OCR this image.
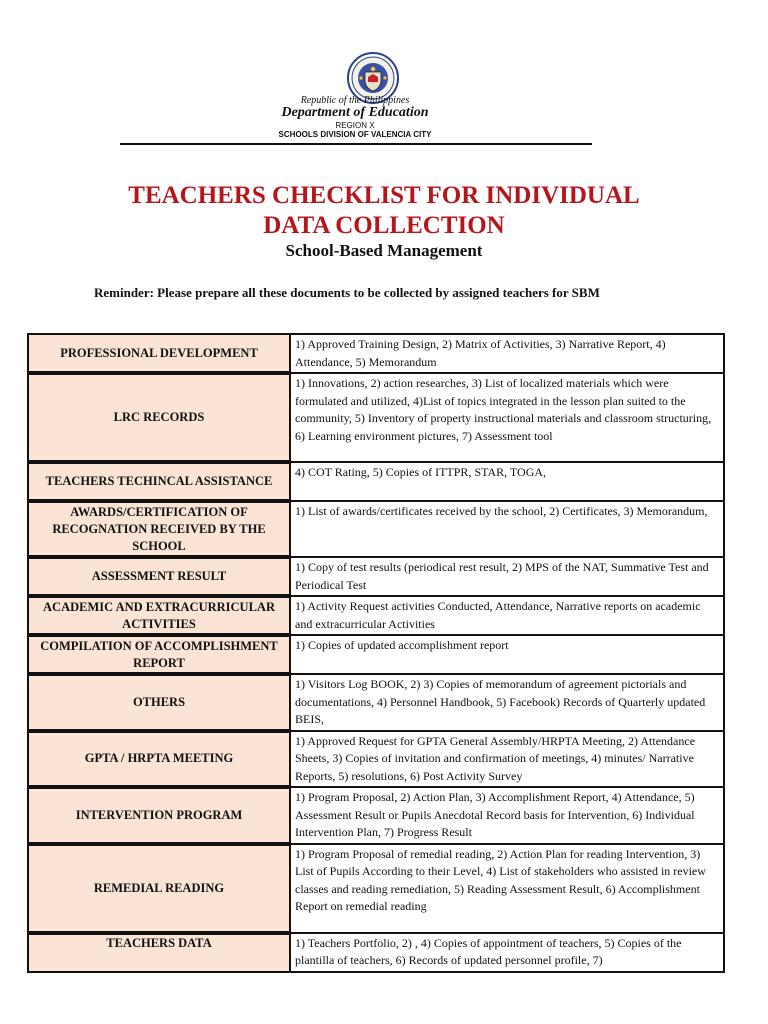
Republic of the Philippines
Department of Education
REGION X
SCHOOLS DIVISION OF VALENCIA CITY
TEACHERS CHECKLIST FOR INDIVIDUAL
DATA COLLECTION
School-Based Management
Reminder: Please prepare all these documents to be collected by assigned teachers for SBM
PROFESSIONAL DEVELOPMENT	1) Approved Training Design, 2) Matrix of Activities, 3) Narrative Report, 4) Attendance, 5) Memorandum
LRC RECORDS	1) Innovations, 2) action researches, 3) List of localized materials which were formulated and utilized, 4)List of topics integrated in the lesson plan suited to the community, 5) Inventory of property instructional materials and classroom structuring, 6) Learning environment pictures, 7) Assessment tool
TEACHERS TECHINCAL ASSISTANCE	4) COT Rating, 5) Copies of ITTPR, STAR, TOGA,
AWARDS/CERTIFICATION OF RECOGNATION RECEIVED BY THE SCHOOL	1) List of awards/certificates received by the school, 2) Certificates, 3) Memorandum,
ASSESSMENT RESULT	1) Copy of test results (periodical rest result, 2) MPS of the NAT, Summative Test and Periodical Test
ACADEMIC AND EXTRACURRICULAR ACTIVITIES	1) Activity Request activities Conducted, Attendance, Narrative reports on academic and extracurricular Activities
COMPILATION OF ACCOMPLISHMENT REPORT	1) Copies of updated accomplishment report
OTHERS	1) Visitors Log BOOK, 2) 3) Copies of memorandum of agreement pictorials and documentations, 4) Personnel Handbook, 5) Facebook) Records of Quarterly updated BEIS,
GPTA / HRPTA MEETING	1) Approved Request for GPTA General Assembly/HRPTA Meeting, 2) Attendance Sheets, 3) Copies of invitation and confirmation of meetings, 4) minutes/ Narrative Reports, 5) resolutions, 6) Post Activity Survey
INTERVENTION PROGRAM	1) Program Proposal, 2) Action Plan, 3) Accomplishment Report, 4) Attendance, 5) Assessment Result or Pupils Anecdotal Record basis for Intervention, 6) Individual Intervention Plan, 7) Progress Result
REMEDIAL READING	1) Program Proposal of remedial reading, 2) Action Plan for reading Intervention, 3) List of Pupils According to their Level, 4) List of stakeholders who assisted in review classes and reading remediation, 5) Reading Assessment Result, 6) Accomplishment Report on remedial reading
TEACHERS DATA	1) Teachers Portfolio, 2) , 4) Copies of appointment of teachers, 5) Copies of the plantilla of teachers, 6) Records of updated personnel profile, 7)
